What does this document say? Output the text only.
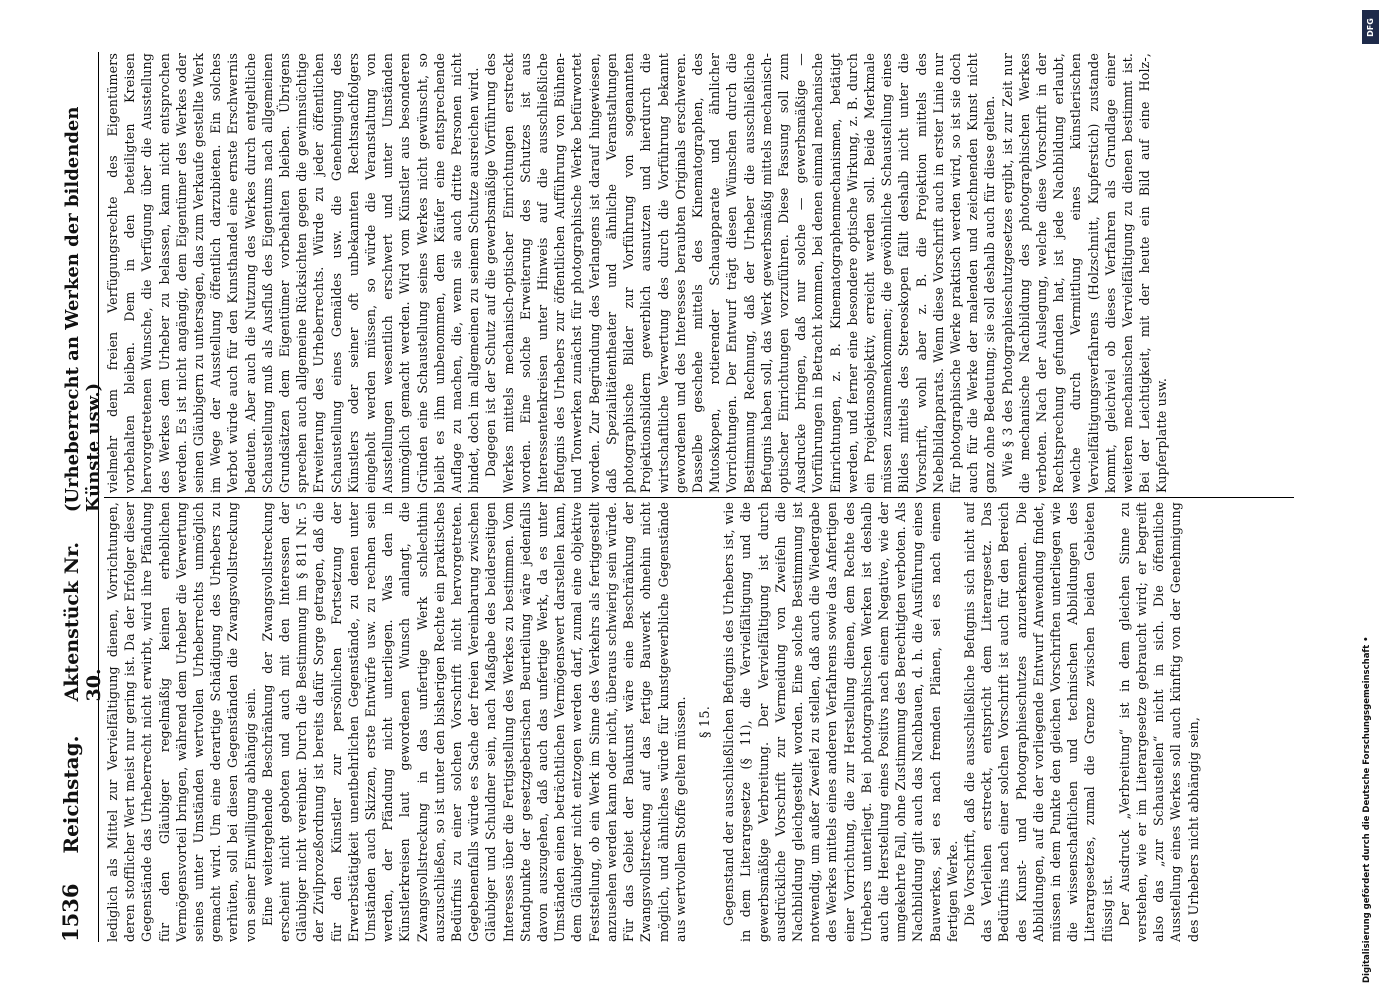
1536
Reichstag.
Aktenstück Nr. 30.
(Urheberrecht an Werken der bildenden Künste usw.)

lediglich als Mittel zur Vervielfältigung dienen, Vorrichtungen, deren stofflicher Wert meist nur gering ist. Da der Erfolger dieser Gegenstände das Urheberrecht nicht erwirbt, wird ihre Pfändung für den Gläubiger regelmäßig keinen erheblichen Vermögensvorteil bringen, während dem Urheber die Verwertung seines unter Umständen wertvollen Urheberrechts unmöglich gemacht wird. Um eine derartige Schädigung des Urhebers zu verhüten, soll bei diesen Gegenständen die Zwangsvollstreckung von seiner Einwilligung abhängig sein. Eine weitergehende Beschränkung der Zwangsvollstreckung erscheint nicht geboten und auch mit den Interessen der Gläubiger nicht vereinbar. Durch die Bestimmung im § 811 Nr. 5 der Zivilprozeßordnung ist bereits dafür Sorge getragen, daß die für den Künstler zur persönlichen Fortsetzung der Erwerbstätigkeit unentbehrlichen Gegenstände, zu denen unter Umständen auch Skizzen, erste Entwürfe usw. zu rechnen sein werden, der Pfändung nicht unterliegen. Was den in Künstlerkreisen laut gewordenen Wunsch anlangt, die Zwangsvollstreckung in das unfertige Werk schlechthin auszuschließen, so ist unter den bisherigen Rechte ein praktisches Bedürfnis zu einer solchen Vorschrift nicht hervorgetreten. Gegebenenfalls würde es Sache der freien Vereinbarung zwischen Gläubiger und Schuldner sein, nach Maßgabe des beiderseitigen Interesses über die Fertigstellung des Werkes zu bestimmen. Vom Standpunkte der gesetzgeberischen Beurteilung wäre jedenfalls davon auszugehen, daß auch das unfertige Werk, da es unter Umständen einen beträchtlichen Vermögenswert darstellen kann, dem Gläubiger nicht entzogen werden darf, zumal eine objektive Feststellung, ob ein Werk im Sinne des Verkehrs als fertiggestellt anzusehen werden kann oder nicht, überaus schwierig sein würde. Für das Gebiet der Baukunst wäre eine Beschränkung der Zwangsvollstreckung auf das fertige Bauwerk ohnehin nicht möglich, und ähnliches würde für kunstgewerbliche Gegenstände aus wertvollem Stoffe gelten müssen. § 15. Gegenstand der ausschließlichen Befugnis des Urhebers ist, wie in dem Literargesetze (§ 11), die Vervielfältigung und die gewerbsmäßige Verbreitung. Der Vervielfältigung ist durch ausdrückliche Vorschrift zur Vermeidung von Zweifeln die Nachbildung gleichgestellt worden. Eine solche Bestimmung ist notwendig, um außer Zweifel zu stellen, daß auch die Wiedergabe des Werkes mittels eines anderen Verfahrens sowie das Anfertigen einer Vorrichtung, die zur Herstellung dienen, dem Rechte des Urhebers unterliegt. Bei photographischen Werken ist deshalb auch die Herstellung eines Positivs nach einem Negative, wie der umgekehrte Fall, ohne Zustimmung des Berechtigten verboten. Als Nachbildung gilt auch das Nachbauen, d. h. die Ausführung eines Bauwerkes, sei es nach fremden Plänen, sei es nach einem fertigen Werke. Die Vorschrift, daß die ausschließliche Befugnis sich nicht auf das Verleihen erstreckt, entspricht dem Literargesetz. Das Bedürfnis nach einer solchen Vorschrift ist auch für den Bereich des Kunst- und Photographieschutzes anzuerkennen. Die Abbildungen, auf die der vorliegende Entwurf Anwendung findet, müssen in dem Punkte den gleichen Vorschriften unterliegen wie die wissenschaftlichen und technischen Abbildungen des Literargesetzes, zumal die Grenze zwischen beiden Gebieten flüssig ist. Der Ausdruck „Verbreitung“ ist in dem gleichen Sinne zu verstehen, wie er im Literargesetze gebraucht wird; er begreift also das „zur Schaustellen“ nicht in sich. Die öffentliche Ausstellung eines Werkes soll auch künftig von der Genehmigung des Urhebers nicht abhängig sein,

vielmehr dem freien Verfügungsrechte des Eigentümers vorbehalten bleiben. Dem in den beteiligten Kreisen hervorgetretenen Wunsche, die Verfügung über die Ausstellung des Werkes dem Urheber zu belassen, kann nicht entsprochen werden. Es ist nicht angängig, dem Eigentümer des Werkes oder seinen Gläubigern zu untersagen, das zum Verkaufe gestellte Werk im Wege der Ausstellung öffentlich darzubieten. Ein solches Verbot würde auch für den Kunsthandel eine ernste Erschwernis bedeuten. Aber auch die Nutzung des Werkes durch entgeltliche Schaustellung muß als Ausfluß des Eigentums nach allgemeinen Grundsätzen dem Eigentümer vorbehalten bleiben. Übrigens sprechen auch allgemeine Rücksichten gegen die gewinnsüchtige Erweiterung des Urheberrechts. Würde zu jeder öffentlichen Schaustellung eines Gemäldes usw. die Genehmigung des Künstlers oder seiner oft unbekannten Rechtsnachfolgers eingeholt werden müssen, so würde die Veranstaltung von Ausstellungen wesentlich erschwert und unter Umständen unmöglich gemacht werden. Wird vom Künstler aus besonderen Gründen eine Schaustellung seines Werkes nicht gewünscht, so bleibt es ihm unbenommen, dem Käufer eine entsprechende Auflage zu machen, die, wenn sie auch dritte Personen nicht bindet, doch im allgemeinen zu seinem Schutze ausreichen wird. Dagegen ist der Schutz auf die gewerbsmäßige Vorführung des Werkes mittels mechanisch-optischer Einrichtungen erstreckt worden. Eine solche Erweiterung des Schutzes ist aus Interessentenkreisen unter Hinweis auf die ausschließliche Befugnis des Urhebers zur öffentlichen Aufführung von Bühnen- und Tonwerken zunächst für photographische Werke befürwortet worden. Zur Begründung des Verlangens ist darauf hingewiesen, daß Spezialitätentheater und ähnliche Veranstaltungen photographische Bilder zur Vorführung von sogenannten Projektionsbildern gewerblich ausnutzen und hierdurch die wirtschaftliche Verwertung des durch die Vorführung bekannt gewordenen und des Interesses beraubten Originals erschweren. Dasselbe geschehe mittels des Kinematographen, des Mutoskopen, rotierender Schauapparate und ähnlicher Vorrichtungen. Der Entwurf trägt diesen Wünschen durch die Bestimmung Rechnung, daß der Urheber die ausschließliche Befugnis haben soll, das Werk gewerbsmäßig mittels mechanisch-optischer Einrichtungen vorzuführen. Diese Fassung soll zum Ausdrucke bringen, daß nur solche — gewerbsmäßige — Vorführungen in Betracht kommen, bei denen einmal mechanische Einrichtungen, z. B. Kinematographenmechanismen, betätigt werden, und ferner eine besondere optische Wirkung, z. B. durch ein Projektionsobjektiv, erreicht werden soll. Beide Merkmale müssen zusammenkommen; die gewöhnliche Schaustellung eines Bildes mittels des Stereoskopen fällt deshalb nicht unter die Vorschrift, wohl aber z. B. die Projektion mittels des Nebelbildapparats. Wenn diese Vorschrift auch in erster Linie nur für photographische Werke praktisch werden wird, so ist sie doch auch für die Werke der malenden und zeichnenden Kunst nicht ganz ohne Bedeutung; sie soll deshalb auch für diese gelten. Wie § 3 des Photographieschutzgesetzes ergibt, ist zur Zeit nur die mechanische Nachbildung des photographischen Werkes verboten. Nach der Auslegung, welche diese Vorschrift in der Rechtsprechung gefunden hat, ist jede Nachbildung erlaubt, welche durch Vermittlung eines künstlerischen Vervielfältigungsverfahrens (Holzschnitt, Kupferstich) zustande kommt, gleichviel ob dieses Verfahren als Grundlage einer weiteren mechanischen Vervielfältigung zu dienen bestimmt ist. Bei der Leichtigkeit, mit der heute ein Bild auf eine Holz-, Kupferplatte usw.

Digitalisierung gefördert durch die Deutsche Forschungsgemeinschaft •
DFG
